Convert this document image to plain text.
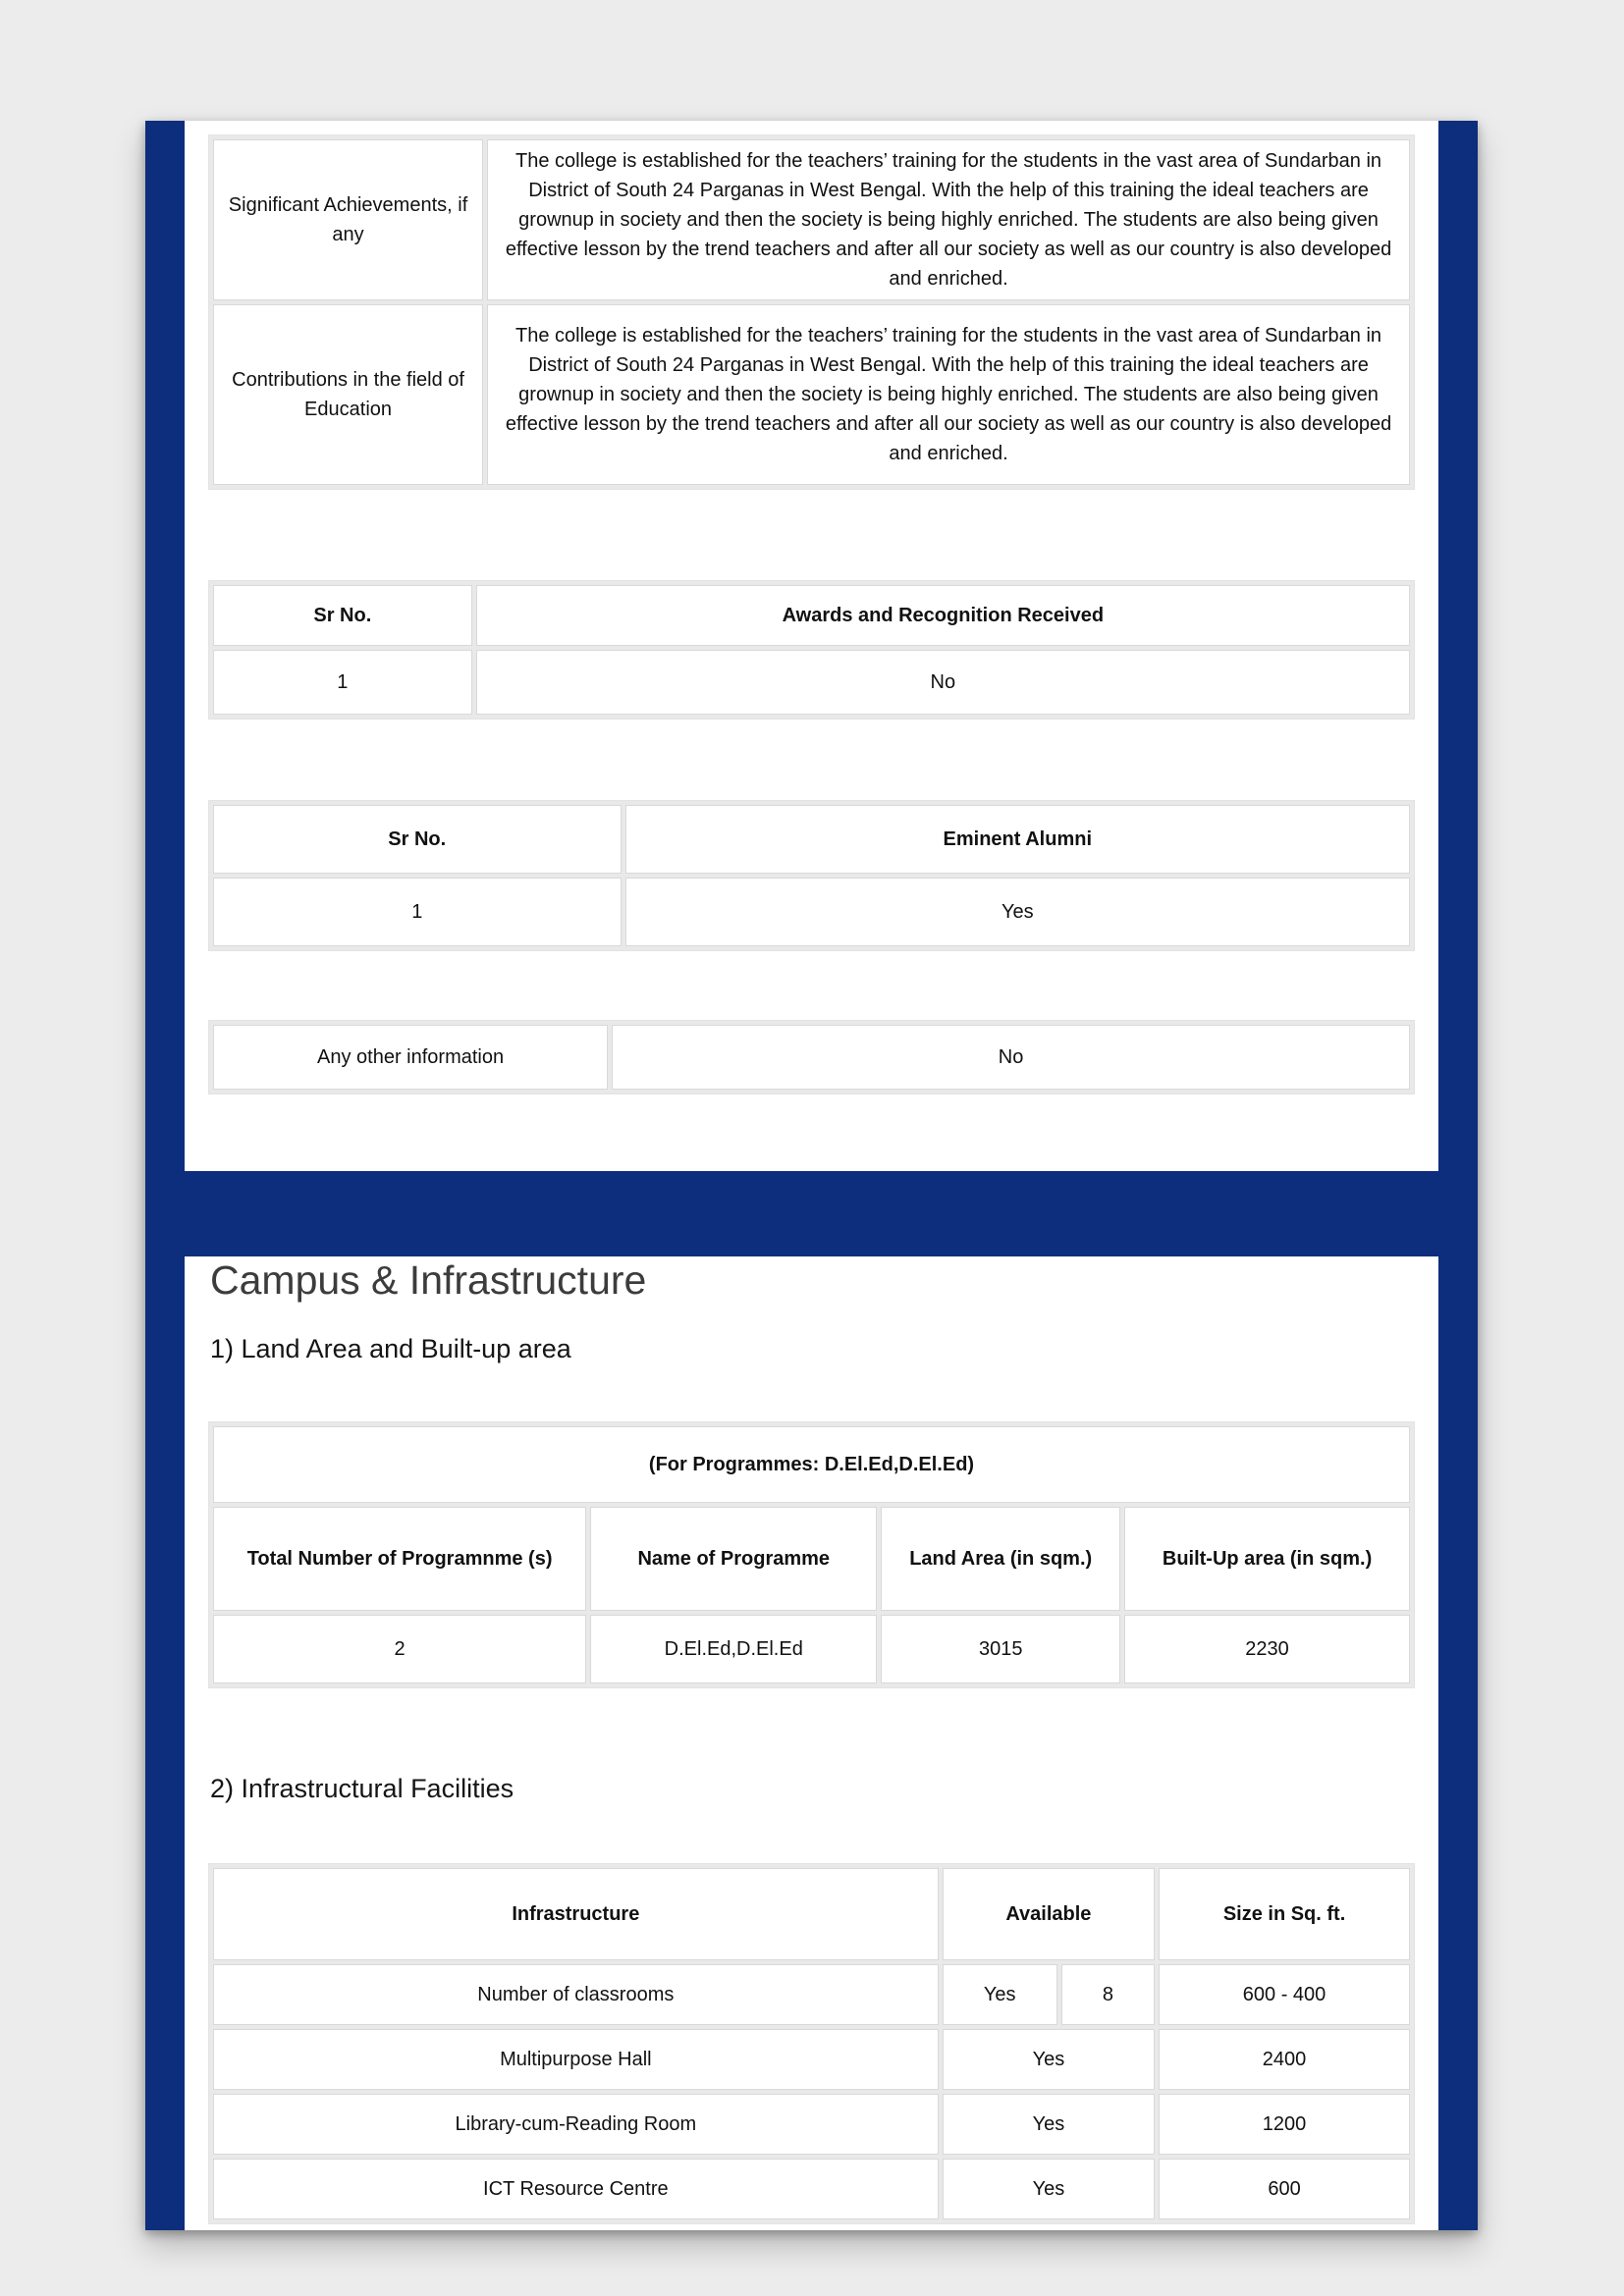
Significant Achievements, if any	The college is established for the teachers’ training for the students in the vast area of Sundarban in District of South 24 Parganas in West Bengal. With the help of this training the ideal teachers are grownup in society and then the society is being highly enriched. The students are also being given effective lesson by the trend teachers and after all our society as well as our country is also developed and enriched.
Contributions in the field of Education	The college is established for the teachers’ training for the students in the vast area of Sundarban in District of South 24 Parganas in West Bengal. With the help of this training the ideal teachers are grownup in society and then the society is being highly enriched. The students are also being given effective lesson by the trend teachers and after all our society as well as our country is also developed and enriched.
Sr No.	Awards and Recognition Received
1	No
Sr No.	Eminent Alumni
1	Yes
Any other information	No
Campus & Infrastructure
1) Land Area and Built-up area
(For Programmes: D.El.Ed,D.El.Ed)			
Total Number of Programnme (s)	Name of Programme	Land Area (in sqm.)	Built-Up area (in sqm.)
2	D.El.Ed,D.El.Ed	3015	2230
2) Infrastructural Facilities
Infrastructure	Available		Size in Sq. ft.
Number of classrooms	Yes	8	600 - 400
Multipurpose Hall	Yes		2400
Library-cum-Reading Room	Yes		1200
ICT Resource Centre	Yes		600
